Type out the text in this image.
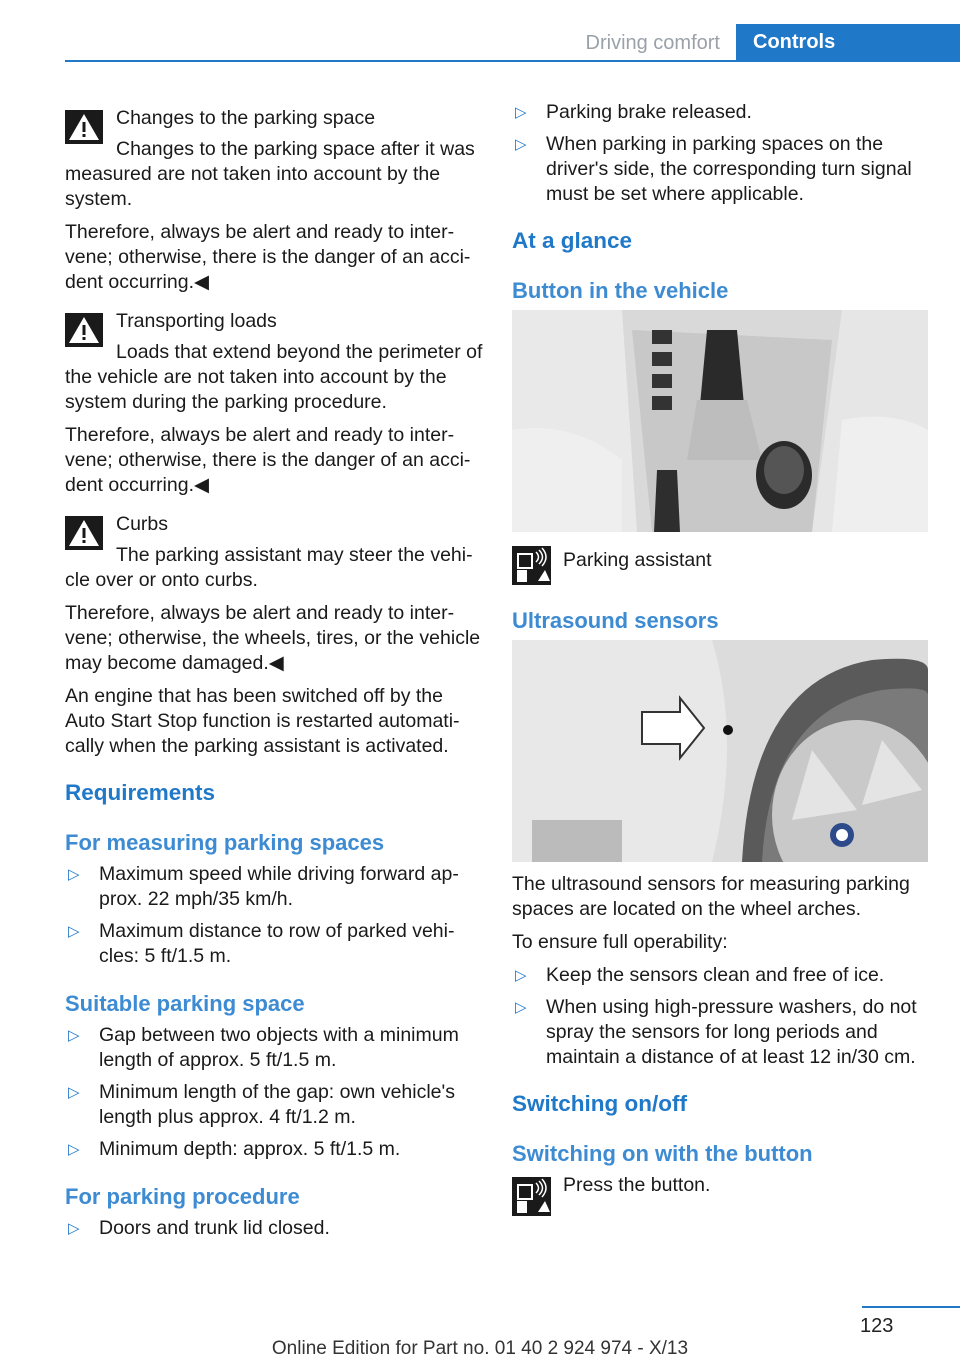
Driving comfort	Controls
Changes to the parking space

Changes to the parking space after it was measured are not taken into account by the system.

Therefore, always be alert and ready to intervene; otherwise, there is the danger of an accident occurring.◀

Transporting loads

Loads that extend beyond the perimeter of the vehicle are not taken into account by the system during the parking procedure.

Therefore, always be alert and ready to intervene; otherwise, there is the danger of an accident occurring.◀

Curbs

The parking assistant may steer the vehicle over or onto curbs.

Therefore, always be alert and ready to intervene; otherwise, the wheels, tires, or the vehicle may become damaged.◀

An engine that has been switched off by the Auto Start Stop function is restarted automatically when the parking assistant is activated.

Requirements
For measuring parking spaces
▷ Maximum speed while driving forward approx. 22 mph/35 km/h.
▷ Maximum distance to row of parked vehicles: 5 ft/1.5 m.
Suitable parking space
▷ Gap between two objects with a minimum length of approx. 5 ft/1.5 m.
▷ Minimum length of the gap: own vehicle's length plus approx. 4 ft/1.2 m.
▷ Minimum depth: approx. 5 ft/1.5 m.
For parking procedure
▷ Doors and trunk lid closed.
▷ Parking brake released.
▷ When parking in parking spaces on the driver's side, the corresponding turn signal must be set where applicable.
At a glance
Button in the vehicle
Parking assistant
Ultrasound sensors

The ultrasound sensors for measuring parking spaces are located on the wheel arches.

To ensure full operability:

▷ Keep the sensors clean and free of ice.
▷ When using high-pressure washers, do not spray the sensors for long periods and maintain a distance of at least 12 in/30 cm.
Switching on/off
Switching on with the button
Press the button.
123
Online Edition for Part no. 01 40 2 924 974 - X/13
